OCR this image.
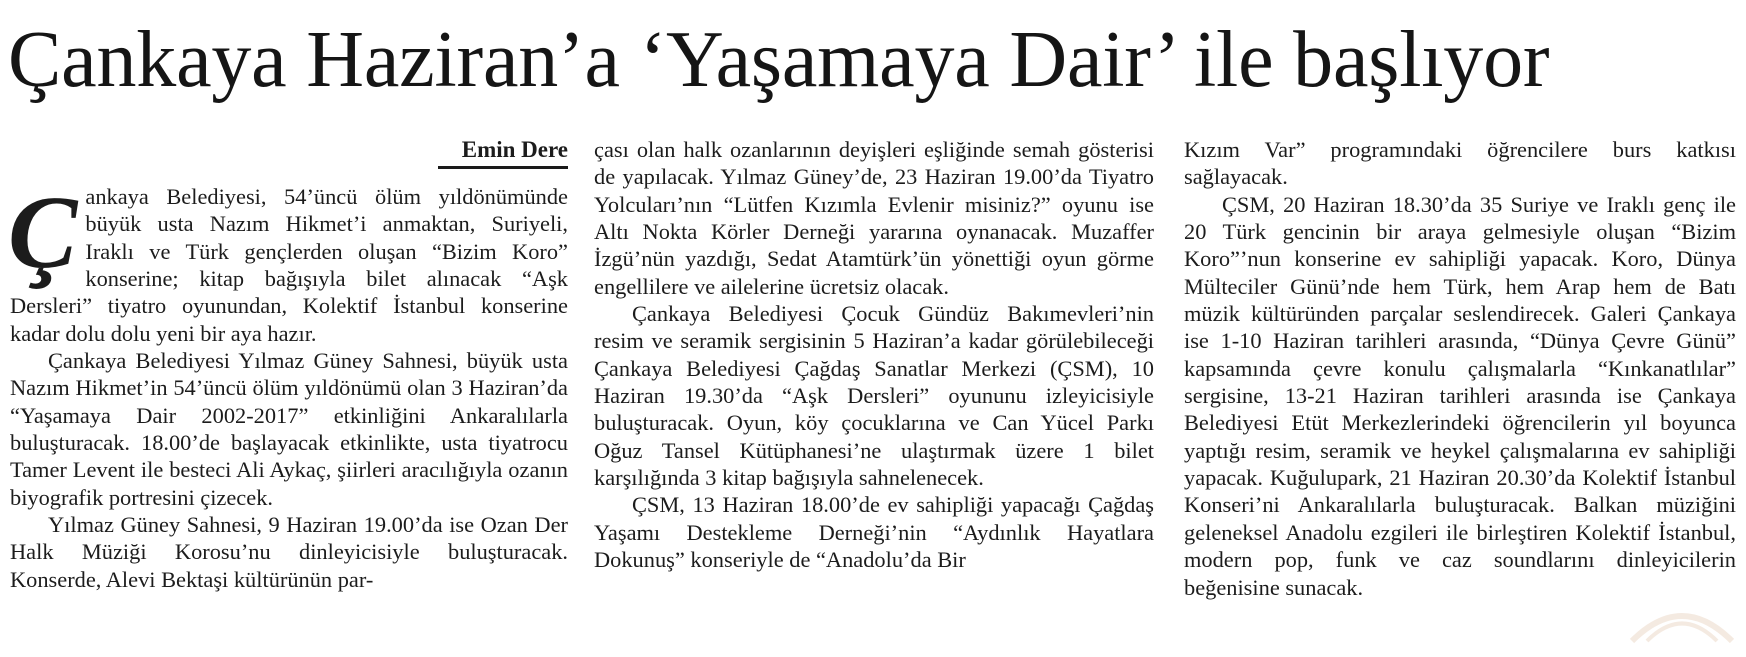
Çankaya Haziran’a ‘Yaşamaya Dair’ ile başlıyor
Emin Dere

Çankaya Belediyesi, 54’üncü ölüm yıldönümünde büyük usta Nazım Hikmet’i anmaktan, Suriyeli, Iraklı ve Türk gençlerden oluşan “Bizim Koro” konserine; kitap bağışıyla bilet alınacak “Aşk Dersleri” tiyatro oyunundan, Kolektif İstanbul konserine kadar dolu dolu yeni bir aya hazır.

Çankaya Belediyesi Yılmaz Güney Sahnesi, büyük usta Nazım Hikmet’in 54’üncü ölüm yıldönümü olan 3 Haziran’da “Yaşamaya Dair 2002-2017” etkinliğini Ankaralılarla buluşturacak. 18.00’de başlayacak etkinlikte, usta tiyatrocu Tamer Levent ile besteci Ali Aykaç, şiirleri aracılığıyla ozanın biyografik portresini çizecek.

Yılmaz Güney Sahnesi, 9 Haziran 19.00’da ise Ozan Der Halk Müziği Korosu’nu dinleyicisiyle buluşturacak. Konserde, Alevi Bektaşi kültürünün par-

çası olan halk ozanlarının deyişleri eşliğinde semah gösterisi de yapılacak. Yılmaz Güney’de, 23 Haziran 19.00’da Tiyatro Yolcuları’nın “Lütfen Kızımla Evlenir misiniz?” oyunu ise Altı Nokta Körler Derneği yararına oynanacak. Muzaffer İzgü’nün yazdığı, Sedat Atamtürk’ün yönettiği oyun görme engellilere ve ailelerine ücretsiz olacak.

Çankaya Belediyesi Çocuk Gündüz Bakımevleri’nin resim ve seramik sergisinin 5 Haziran’a kadar görülebileceği Çankaya Belediyesi Çağdaş Sanatlar Merkezi (ÇSM), 10 Haziran 19.30’da “Aşk Dersleri” oyununu izleyicisiyle buluşturacak. Oyun, köy çocuklarına ve Can Yücel Parkı Oğuz Tansel Kütüphanesi’ne ulaştırmak üzere 1 bilet karşılığında 3 kitap bağışıyla sahnelenecek.

ÇSM, 13 Haziran 18.00’de ev sahipliği yapacağı Çağdaş Yaşamı Destekleme Derneği’nin “Aydınlık Hayatlara Dokunuş” konseriyle de “Anadolu’da Bir

Kızım Var” programındaki öğrencilere burs katkısı sağlayacak.

ÇSM, 20 Haziran 18.30’da 35 Suriye ve Iraklı genç ile 20 Türk gencinin bir araya gelmesiyle oluşan “Bizim Koro”’nun konserine ev sahipliği yapacak. Koro, Dünya Mülteciler Günü’nde hem Türk, hem Arap hem de Batı müzik kültüründen parçalar seslendirecek. Galeri Çankaya ise 1-10 Haziran tarihleri arasında, “Dünya Çevre Günü” kapsamında çevre konulu çalışmalarla “Kınkanatlılar” sergisine, 13-21 Haziran tarihleri arasında ise Çankaya Belediyesi Etüt Merkezlerindeki öğrencilerin yıl boyunca yaptığı resim, seramik ve heykel çalışmalarına ev sahipliği yapacak. Kuğulupark, 21 Haziran 20.30’da Kolektif İstanbul Konseri’ni Ankaralılarla buluşturacak. Balkan müziğini geleneksel Anadolu ezgileri ile birleştiren Kolektif İstanbul, modern pop, funk ve caz soundlarını dinleyicilerin beğenisine sunacak.
